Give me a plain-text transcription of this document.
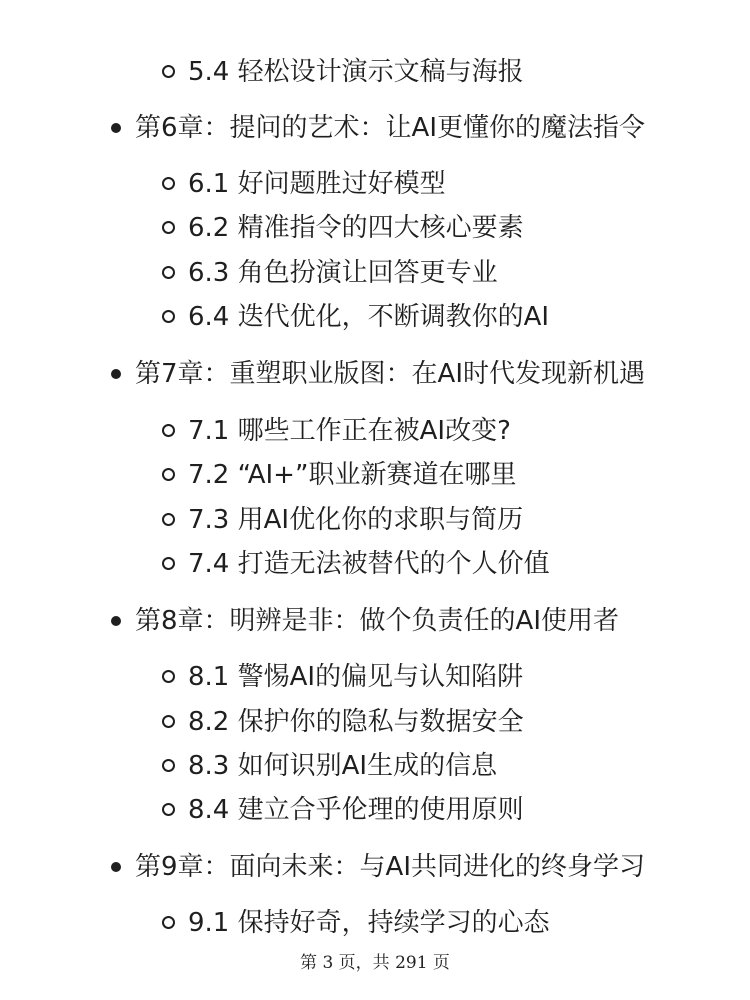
5.4 轻松设计演示文稿与海报
第6章：提问的艺术：让AI更懂你的魔法指令
6.1 好问题胜过好模型
6.2 精准指令的四大核心要素
6.3 角色扮演让回答更专业
6.4 迭代优化，不断调教你的AI
第7章：重塑职业版图：在AI时代发现新机遇
7.1 哪些工作正在被AI改变?
7.2 “AI+”职业新赛道在哪里
7.3 用AI优化你的求职与简历
7.4 打造无法被替代的个人价值
第8章：明辨是非：做个负责任的AI使用者
8.1 警惕AI的偏见与认知陷阱
8.2 保护你的隐私与数据安全
8.3 如何识别AI生成的信息
8.4 建立合乎伦理的使用原则
第9章：面向未来：与AI共同进化的终身学习
9.1 保持好奇，持续学习的心态
第 3 页，共 291 页
